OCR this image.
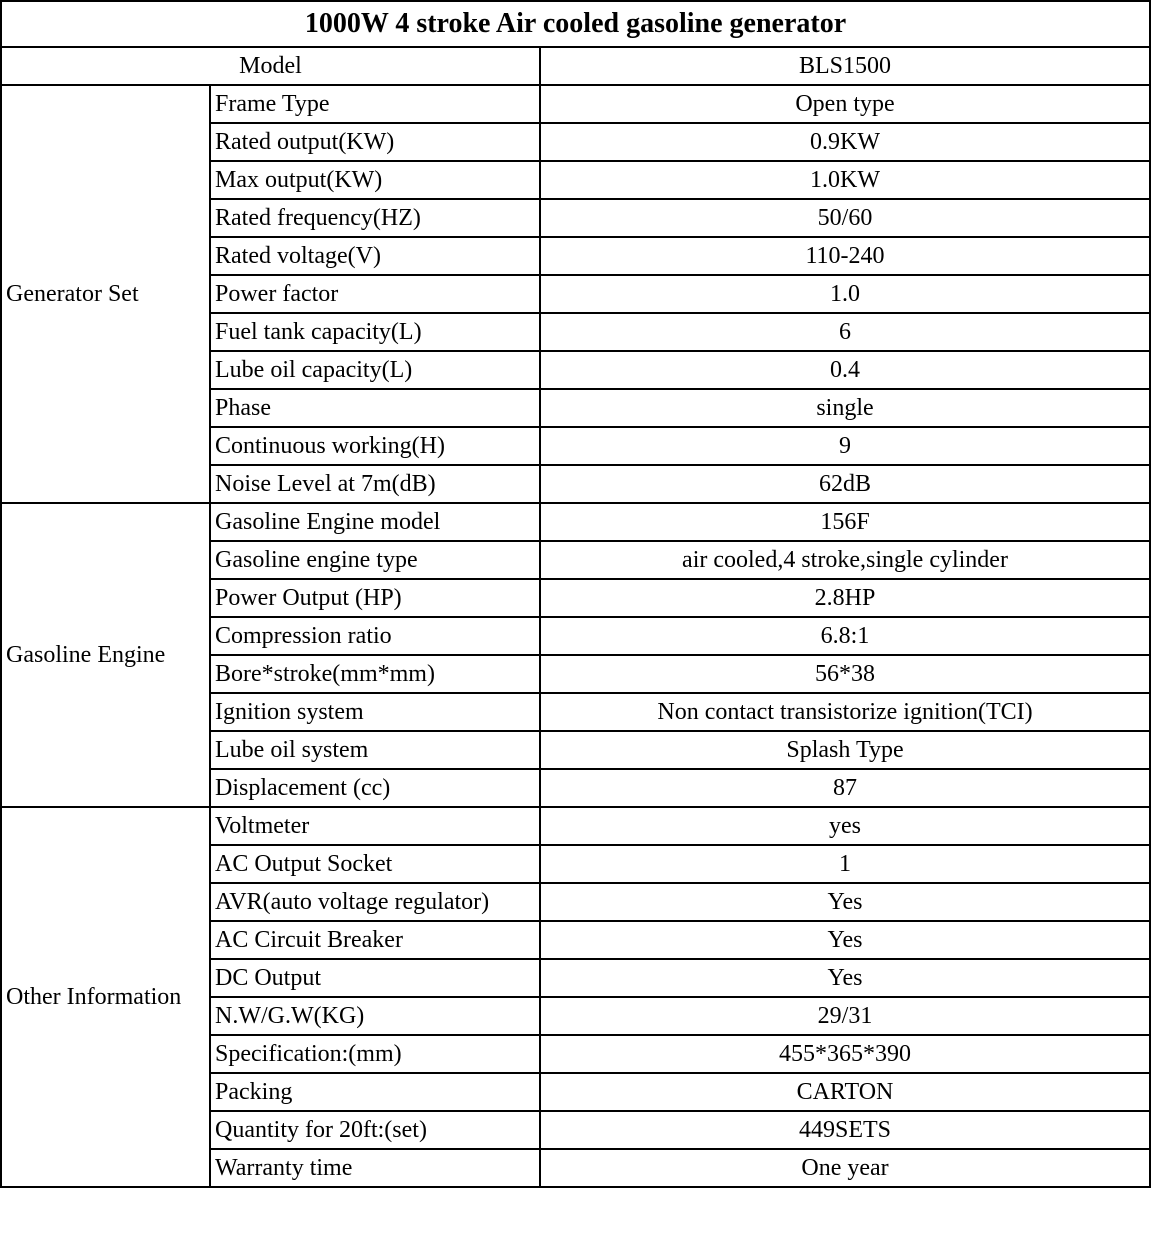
1000W 4 stroke Air cooled gasoline generator		
Model		BLS1500
Generator Set	Frame Type	Open type
	Rated output(KW)	0.9KW
	Max output(KW)	1.0KW
	Rated frequency(HZ)	50/60
	Rated voltage(V)	110-240
	Power factor	1.0
	Fuel tank capacity(L)	6
	Lube oil capacity(L)	0.4
	Phase	single
	Continuous working(H)	9
	Noise Level at 7m(dB)	62dB
Gasoline Engine	Gasoline Engine model	156F
	Gasoline engine type	air cooled,4 stroke,single cylinder
	Power Output (HP)	2.8HP
	Compression ratio	6.8:1
	Bore*stroke(mm*mm)	56*38
	Ignition system	Non contact transistorize ignition(TCI)
	Lube oil system	Splash Type
	Displacement (cc)	87
Other Information	Voltmeter	yes
	AC Output Socket	1
	AVR(auto voltage regulator)	Yes
	AC Circuit Breaker	Yes
	DC Output	Yes
	N.W/G.W(KG)	29/31
	Specification:(mm)	455*365*390
	Packing	CARTON
	Quantity for 20ft:(set)	449SETS
	Warranty time	One year
